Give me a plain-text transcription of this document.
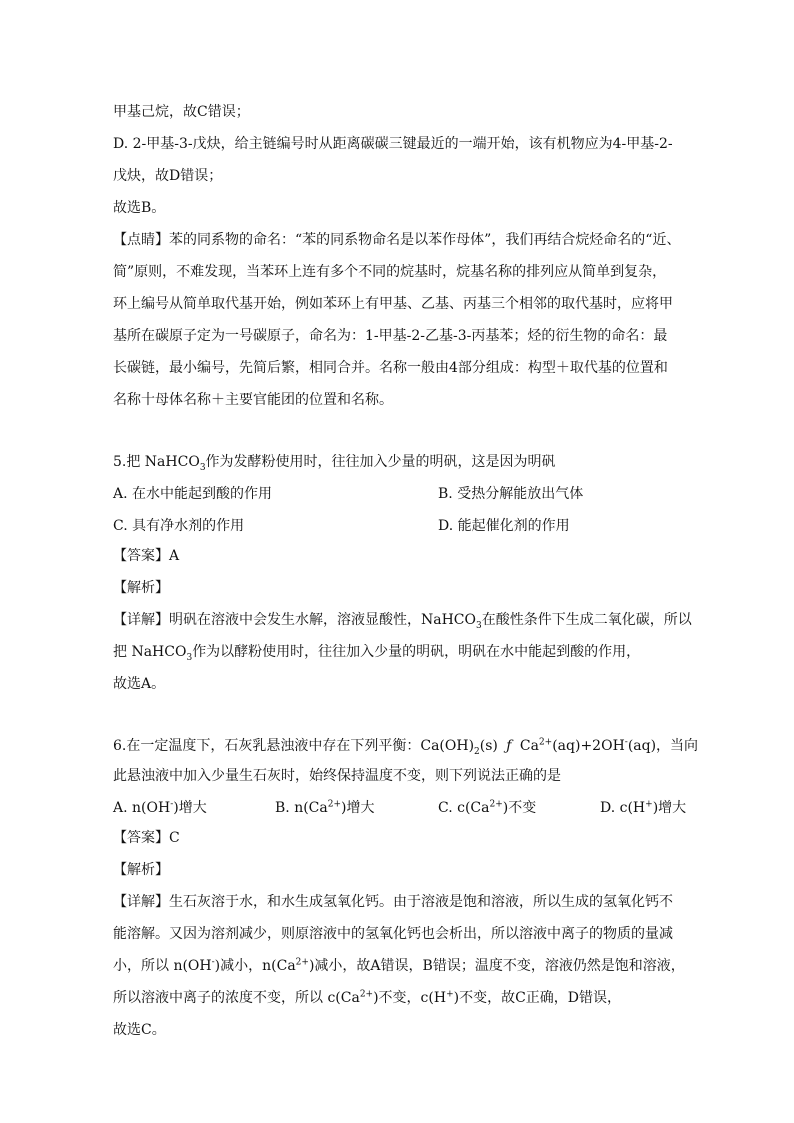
甲基己烷，故C错误；
D. 2-甲基-3-戊炔，给主链编号时从距离碳碳三键最近的一端开始，该有机物应为4-甲基-2-
戊炔，故D错误；
故选B。
【点睛】苯的同系物的命名：“苯的同系物命名是以苯作母体”，我们再结合烷烃命名的“近、
简”原则，不难发现，当苯环上连有多个不同的烷基时，烷基名称的排列应从简单到复杂，
环上编号从简单取代基开始，例如苯环上有甲基、乙基、丙基三个相邻的取代基时，应将甲
基所在碳原子定为一号碳原子，命名为：1-甲基-2-乙基-3-丙基苯；烃的衍生物的命名：最
长碳链，最小编号，先简后繁，相同合并。名称一般由4部分组成：构型＋取代基的位置和
名称十母体名称＋主要官能团的位置和名称。
5.把 NaHCO$_3$作为发酵粉使用时，往往加入少量的明矾，这是因为明矾
A. 在水中能起到酸的作用	B. 受热分解能放出气体
C. 具有净水剂的作用	D. 能起催化剂的作用
【答案】A
【解析】
【详解】明矾在溶液中会发生水解，溶液显酸性，NaHCO$_3$在酸性条件下生成二氧化碳，所以
把 NaHCO$_3$作为以酵粉使用时，往往加入少量的明矾，明矾在水中能起到酸的作用，
故选A。
6.在一定温度下，石灰乳悬浊液中存在下列平衡：$Ca(OH)_2(s)$ ƒ $Ca^{2+}(aq)+2OH^-(aq)$，当向
此悬浊液中加入少量生石灰时，始终保持温度不变，则下列说法正确的是
A. n(OH-)增大	B. $n(Ca^{2+})$增大	C. $c(Ca^{2+})$不变	D. c(H+)增大
【答案】C
【解析】
【详解】生石灰溶于水，和水生成氢氧化钙。由于溶液是饱和溶液，所以生成的氢氧化钙不
能溶解。又因为溶剂减少，则原溶液中的氢氧化钙也会析出，所以溶液中离子的物质的量减
小，所以 n(OH-)减小，$n(Ca^{2+})$减小，故A错误，B错误；温度不变，溶液仍然是饱和溶液，
所以溶液中离子的浓度不变，所以 $c(Ca^{2+})$不变，c(H+)不变，故C正确，D错误，
故选C。
